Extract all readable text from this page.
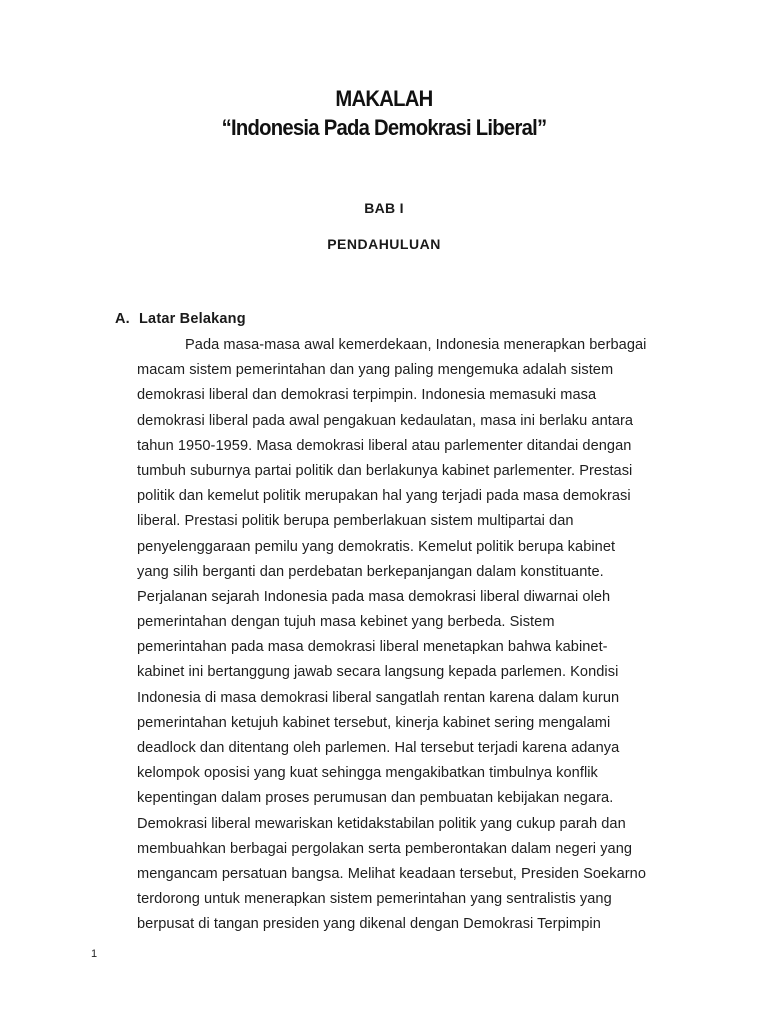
MAKALAH
“Indonesia Pada Demokrasi Liberal”
BAB I
PENDAHULUAN
A. Latar Belakang
Pada masa-masa awal kemerdekaan, Indonesia menerapkan berbagai
macam sistem pemerintahan dan yang paling mengemuka adalah sistem
demokrasi liberal dan demokrasi terpimpin. Indonesia memasuki masa
demokrasi liberal pada awal pengakuan kedaulatan, masa ini berlaku antara
tahun 1950-1959. Masa demokrasi liberal atau parlementer ditandai dengan
tumbuh suburnya partai politik dan berlakunya kabinet parlementer. Prestasi
politik dan kemelut politik merupakan hal yang terjadi pada masa demokrasi
liberal. Prestasi politik berupa pemberlakuan sistem multipartai dan
penyelenggaraan pemilu yang demokratis. Kemelut politik berupa kabinet
yang silih berganti dan perdebatan berkepanjangan dalam konstituante.
Perjalanan sejarah Indonesia pada masa demokrasi liberal diwarnai oleh
pemerintahan dengan tujuh masa kebinet yang berbeda. Sistem
pemerintahan pada masa demokrasi liberal menetapkan bahwa kabinet-
kabinet ini bertanggung jawab secara langsung kepada parlemen. Kondisi
Indonesia di masa demokrasi liberal sangatlah rentan karena dalam kurun
pemerintahan ketujuh kabinet tersebut, kinerja kabinet sering mengalami
deadlock dan ditentang oleh parlemen. Hal tersebut terjadi karena adanya
kelompok oposisi yang kuat sehingga mengakibatkan timbulnya konflik
kepentingan dalam proses perumusan dan pembuatan kebijakan negara.
Demokrasi liberal mewariskan ketidakstabilan politik yang cukup parah dan
membuahkan berbagai pergolakan serta pemberontakan dalam negeri yang
mengancam persatuan bangsa. Melihat keadaan tersebut, Presiden Soekarno
terdorong untuk menerapkan sistem pemerintahan yang sentralistis yang
berpusat di tangan presiden yang dikenal dengan Demokrasi Terpimpin
1
